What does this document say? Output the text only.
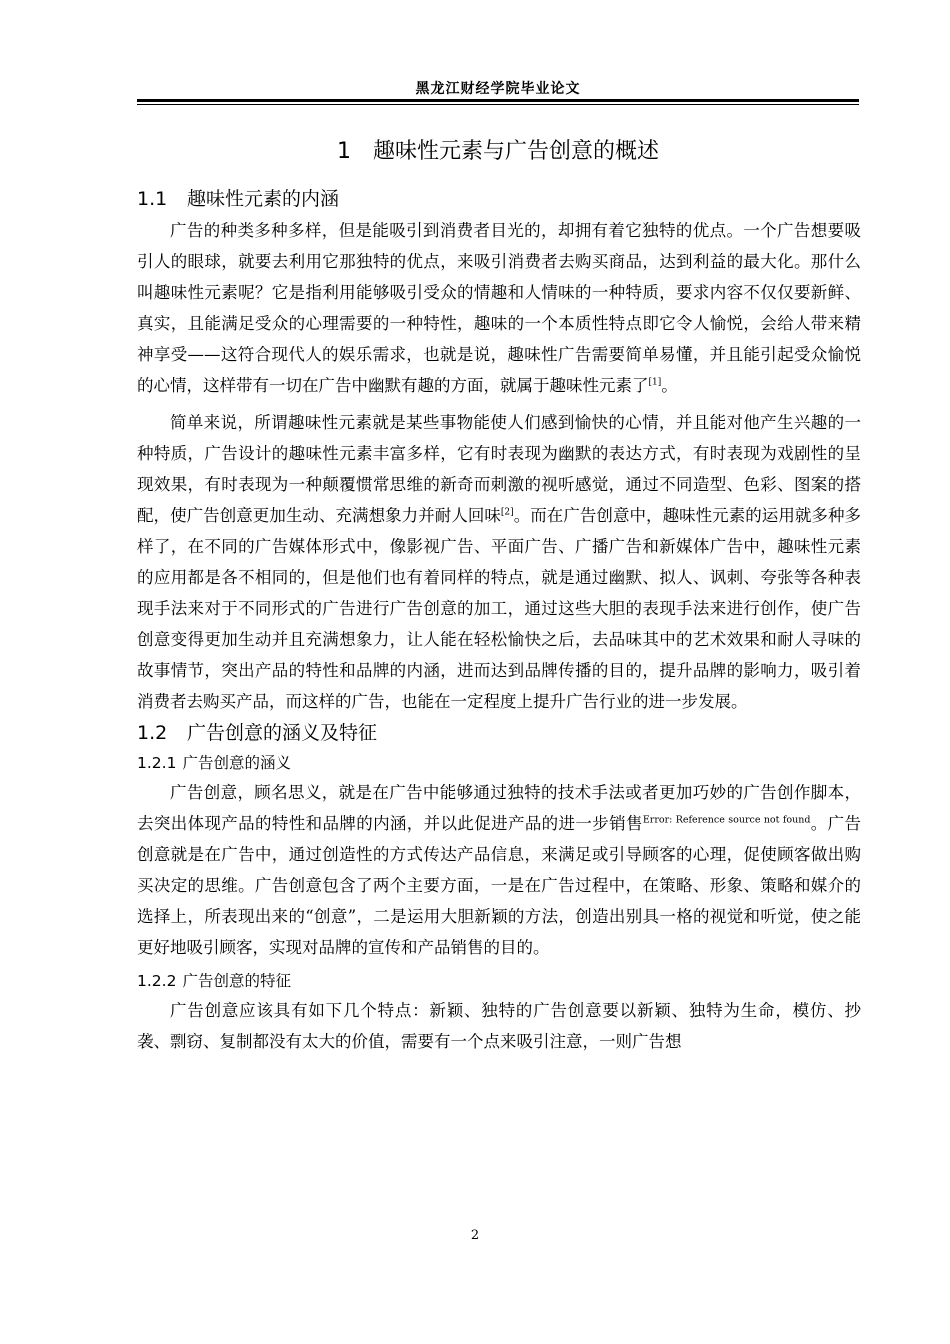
黑龙江财经学院毕业论文
1 趣味性元素与广告创意的概述
1.1 趣味性元素的内涵

广告的种类多种多样，但是能吸引到消费者目光的，却拥有着它独特的优点。一个广告想要吸引人的眼球，就要去利用它那独特的优点，来吸引消费者去购买商品，达到利益的最大化。那什么叫趣味性元素呢？它是指利用能够吸引受众的情趣和人情味的一种特质，要求内容不仅仅要新鲜、真实，且能满足受众的心理需要的一种特性，趣味的一个本质性特点即它令人愉悦，会给人带来精神享受——这符合现代人的娱乐需求，也就是说，趣味性广告需要简单易懂，并且能引起受众愉悦的心情，这样带有一切在广告中幽默有趣的方面，就属于趣味性元素了[1]。

简单来说，所谓趣味性元素就是某些事物能使人们感到愉快的心情，并且能对他产生兴趣的一种特质，广告设计的趣味性元素丰富多样，它有时表现为幽默的表达方式，有时表现为戏剧性的呈现效果，有时表现为一种颠覆惯常思维的新奇而刺激的视听感觉，通过不同造型、色彩、图案的搭配，使广告创意更加生动、充满想象力并耐人回味[2]。而在广告创意中，趣味性元素的运用就多种多样了，在不同的广告媒体形式中，像影视广告、平面广告、广播广告和新媒体广告中，趣味性元素的应用都是各不相同的，但是他们也有着同样的特点，就是通过幽默、拟人、讽刺、夸张等各种表现手法来对于不同形式的广告进行广告创意的加工，通过这些大胆的表现手法来进行创作，使广告创意变得更加生动并且充满想象力，让人能在轻松愉快之后，去品味其中的艺术效果和耐人寻味的故事情节，突出产品的特性和品牌的内涵，进而达到品牌传播的目的，提升品牌的影响力，吸引着消费者去购买产品，而这样的广告，也能在一定程度上提升广告行业的进一步发展。

1.2 广告创意的涵义及特征
1.2.1 广告创意的涵义

广告创意，顾名思义，就是在广告中能够通过独特的技术手法或者更加巧妙的广告创作脚本，去突出体现产品的特性和品牌的内涵，并以此促进产品的进一步销售$^{Error: Reference source not found}$。广告创意就是在广告中，通过创造性的方式传达产品信息，来满足或引导顾客的心理，促使顾客做出购买决定的思维。广告创意包含了两个主要方面，一是在广告过程中，在策略、形象、策略和媒介的选择上，所表现出来的“创意”，二是运用大胆新颖的方法，创造出别具一格的视觉和听觉，使之能更好地吸引顾客，实现对品牌的宣传和产品销售的目的。

1.2.2 广告创意的特征

广告创意应该具有如下几个特点：新颖、独特的广告创意要以新颖、独特为生命，模仿、抄袭、剽窃、复制都没有太大的价值，需要有一个点来吸引注意，一则广告想

2
